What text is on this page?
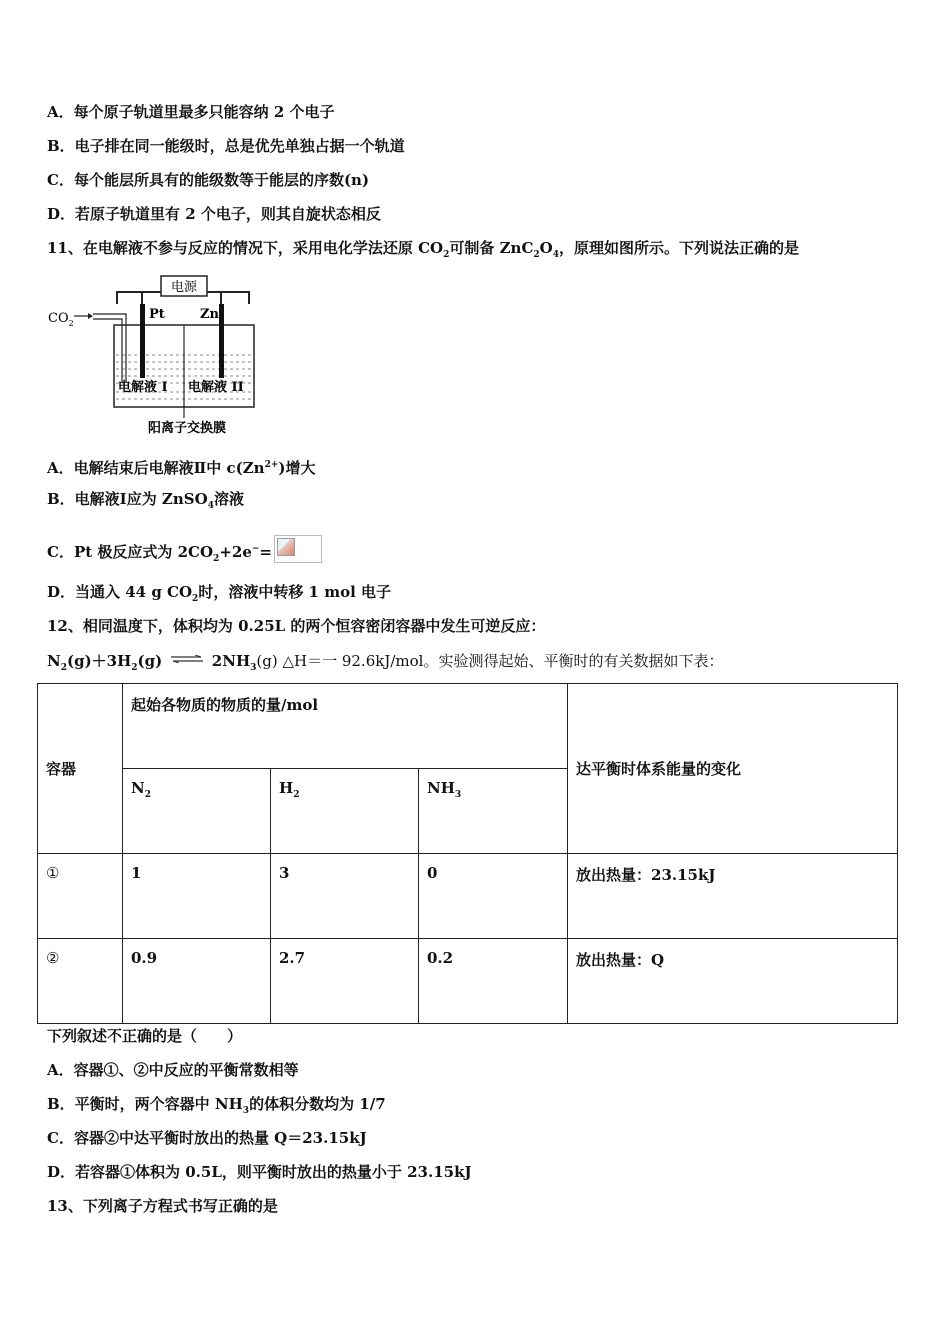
A．每个原子轨道里最多只能容纳 2 个电子
B．电子排在同一能级时，总是优先单独占据一个轨道
C．每个能层所具有的能级数等于能层的序数(n)
D．若原子轨道里有 2 个电子，则其自旋状态相反
11、在电解液不参与反应的情况下，采用电化学法还原 $CO_2$可制备 $ZnC_2O_4$，原理如图所示。下列说法正确的是
电源
Pt	Zn
$CO_2$
电解液 I 电解液 II
阳离子交换膜
A．电解结束后电解液Ⅱ中 $c(Zn^{2+})$增大
B．电解液Ⅰ应为 ZnSO$_4$溶液
C．Pt 极反应式为 $2CO_2+2e^-=$
D．当通入 44 g $CO_2$时，溶液中转移 1 mol 电子
12、相同温度下，体积均为 0.25L 的两个恒容密闭容器中发生可逆反应：
$N_2(g)+3H_2(g)$ ⇌ $2NH_3(g)$ △H＝一 92.6kJ/mol。实验测得起始、平衡时的有关数据如下表：
容器	起始各物质的物质的量/mol			达平衡时体系能量的变化
	$N_2$	$H_2$	$NH_3$
①	1	3	0	放出热量：23.15kJ
②	0.9	2.7	0.2	放出热量：Q
下列叙述不正确的是（　　）
A．容器①、②中反应的平衡常数相等
B．平衡时，两个容器中 $NH_3$的体积分数均为 1/7
C．容器②中达平衡时放出的热量 Q＝23.15kJ
D．若容器①体积为 0.5L，则平衡时放出的热量小于 23.15kJ
13、下列离子方程式书写正确的是
